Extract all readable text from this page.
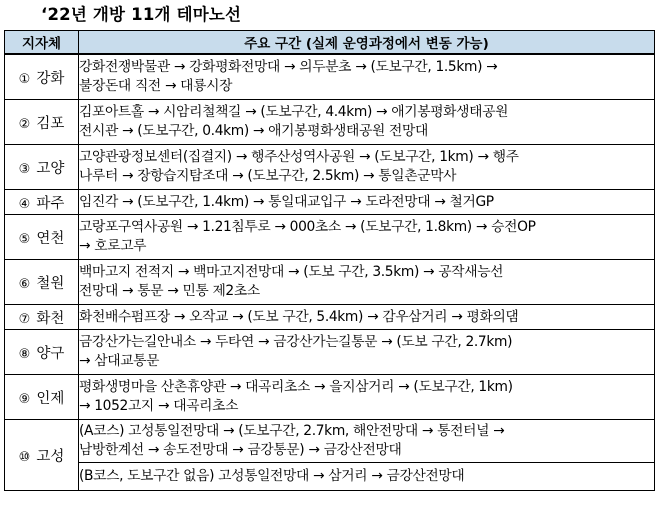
‘22년 개방 11개 테마노선
지자체	주요 구간 (실제 운영과정에서 변동 가능)
① 강화	강화전쟁박물관 → 강화평화전망대 → 의두분초 → (도보구간, 1.5km) →
불장돈대 직전 → 대룡시장

② 김포	김포아트홀 → 시암리철책길 → (도보구간, 4.4km) → 애기봉평화생태공원
전시관 → (도보구간, 0.4km) → 애기봉평화생태공원 전망대

③ 고양	고양관광정보센터(집결지) → 행주산성역사공원 → (도보구간, 1km) → 행주
나루터 → 장항습지탐조대 → (도보구간, 2.5km) → 통일촌군막사

④ 파주	임진각 → (도보구간, 1.4km) → 통일대교입구 → 도라전망대 → 철거GP

⑤ 연천	고랑포구역사공원 → 1.21침투로 → 000초소 → (도보구간, 1.8km) → 승전OP
→ 호로고루

⑥ 철원	백마고지 전적지 → 백마고지전망대 → (도보 구간, 3.5km) → 공작새능선
전망대 → 통문 → 민통 제2초소

⑦ 화천	화천배수펌프장 → 오작교 → (도보 구간, 5.4km) → 감우삼거리 → 평화의댐

⑧ 양구	금강산가는길안내소 → 두타연 → 금강산가는길통문 → (도보 구간, 2.7km)
→ 삼대교통문

⑨ 인제	평화생명마을 산촌휴양관 → 대곡리초소 → 을지삼거리 → (도보구간, 1km)
→ 1052고지 → 대곡리초소

⑩ 고성	(A코스) 고성통일전망대 → (도보구간, 2.7km, 해안전망대 → 통전터널 →
남방한계선 → 송도전망대 → 금강통문) → 금강산전망대

	(B코스, 도보구간 없음) 고성통일전망대 → 삼거리 → 금강산전망대
